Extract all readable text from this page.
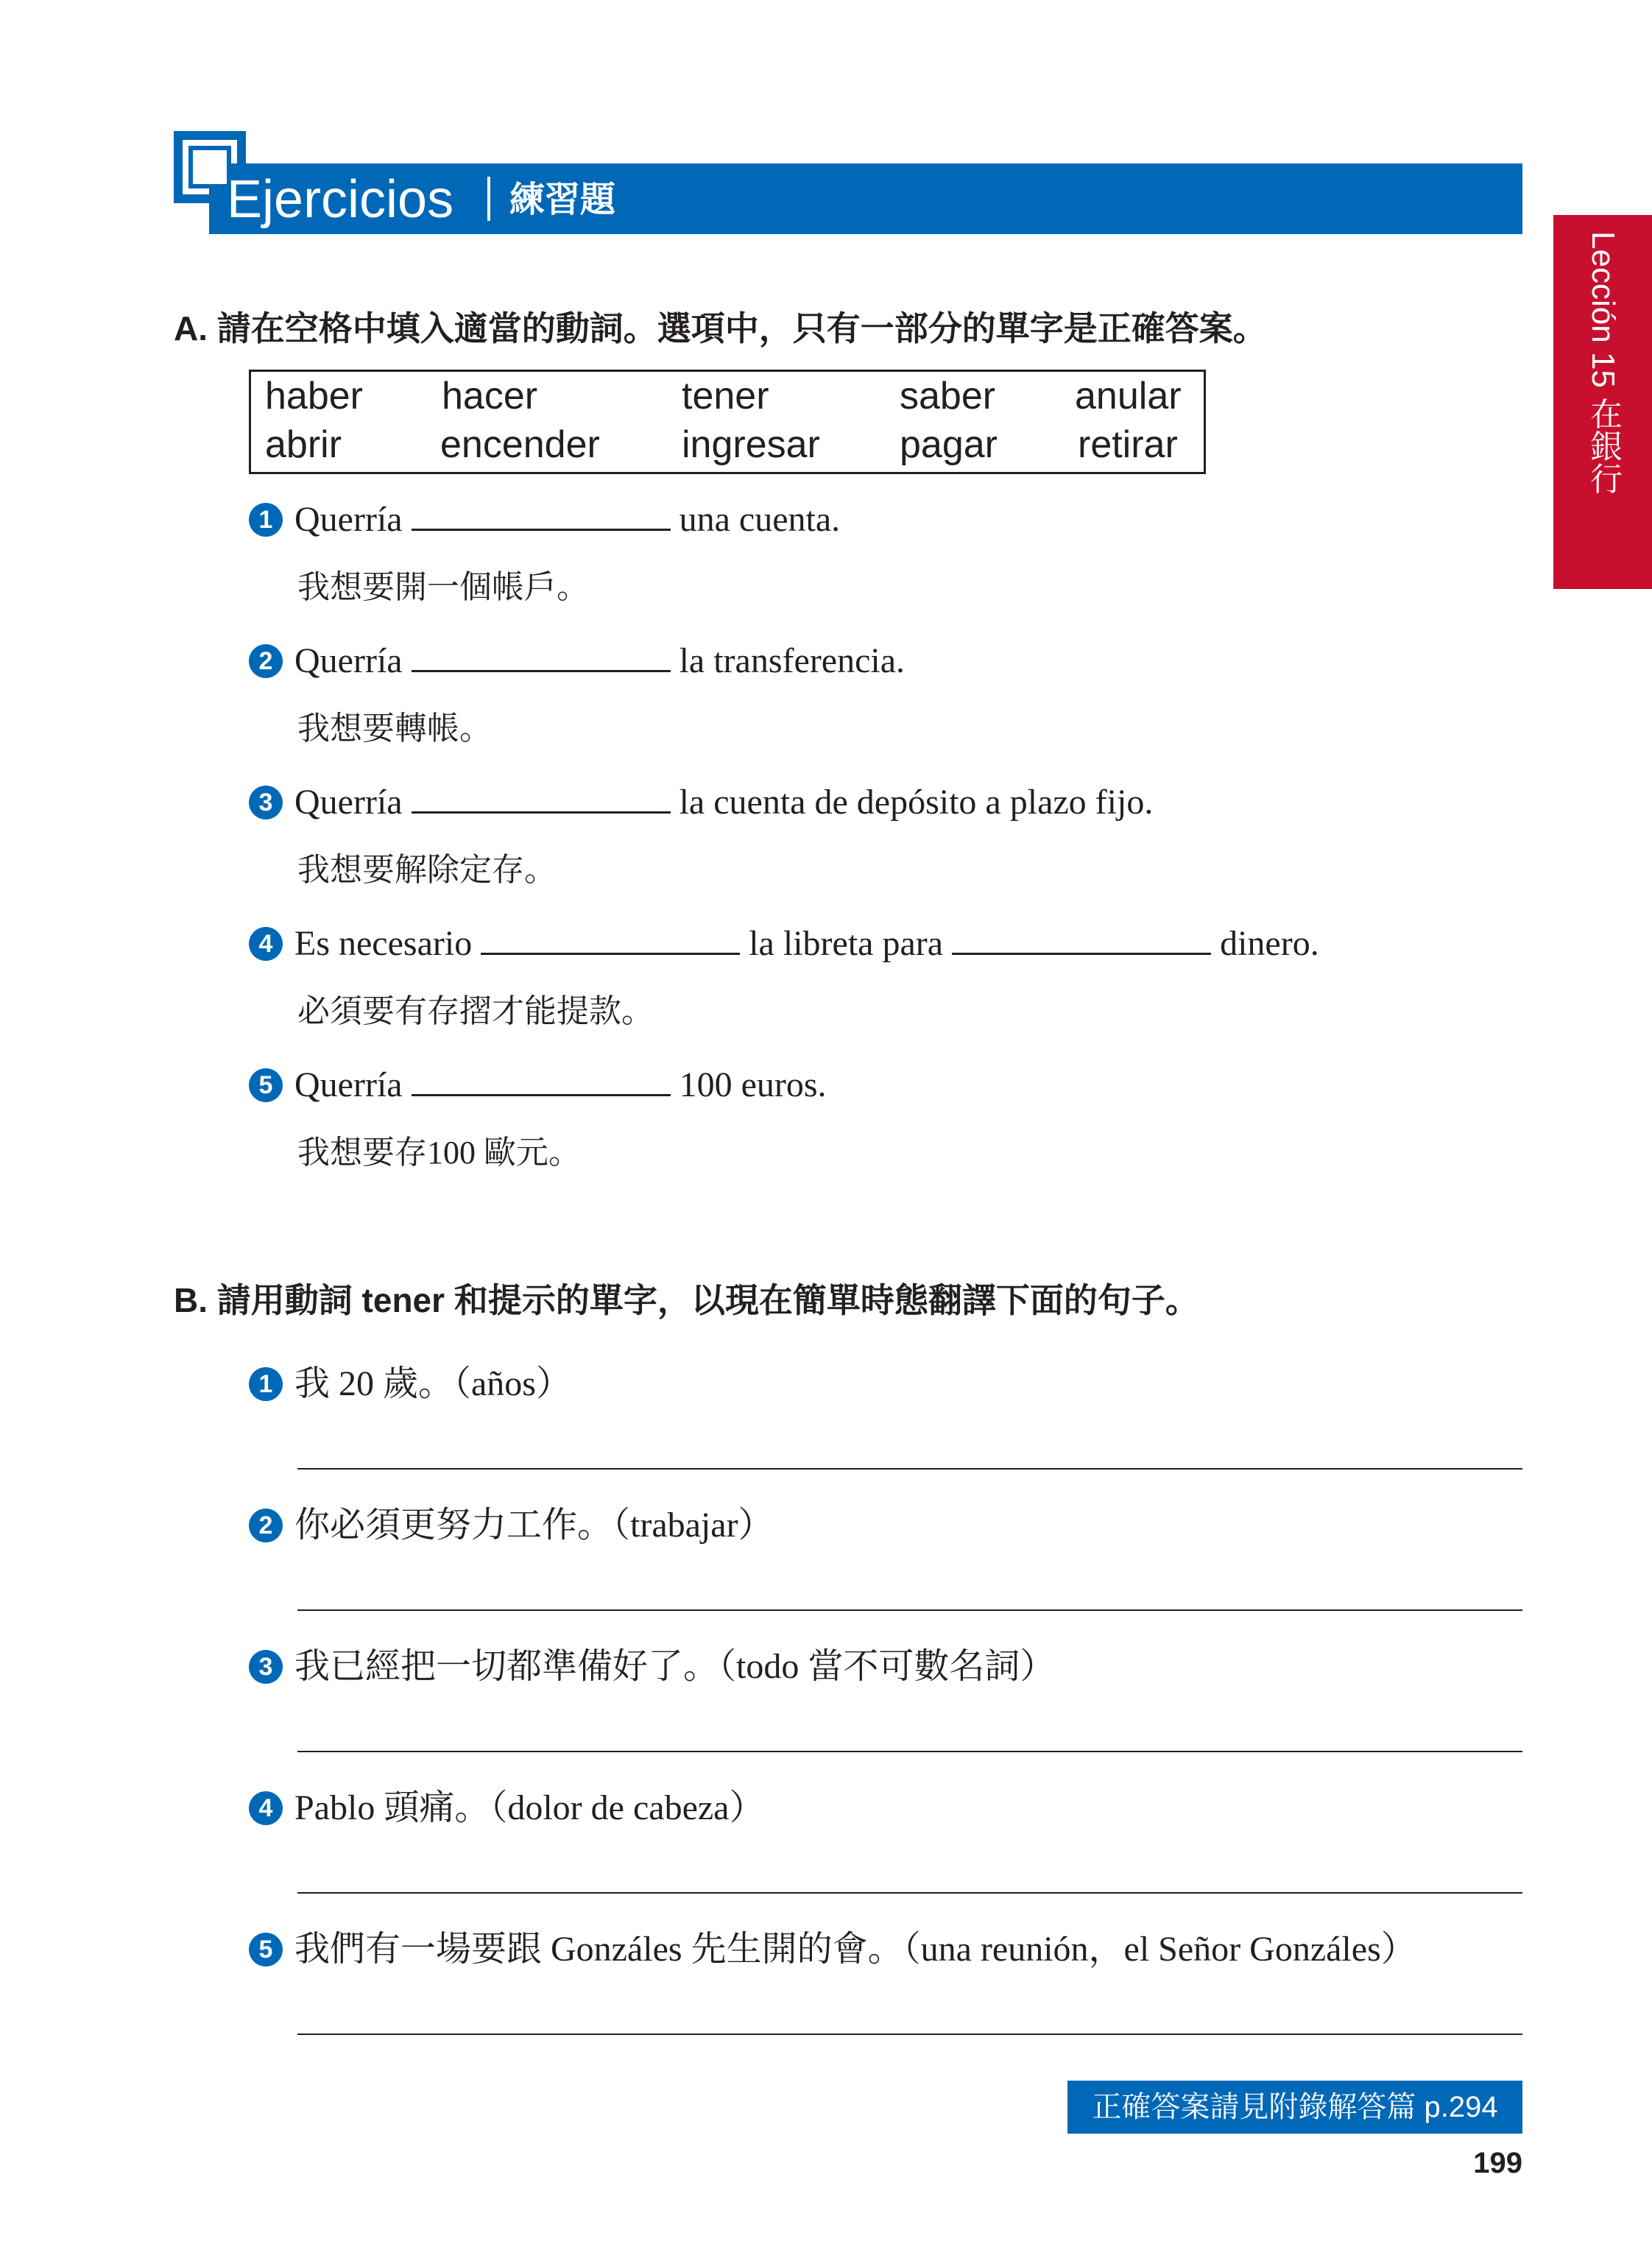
Ejercicios 練習題
Lección 15 在銀行
A. 請在空格中填入適當的動詞。選項中，只有一部分的單字是正確答案。
haber hacer	tener	saber anular
abrir	encender ingresar pagar retirar
1 Querría	una cuenta.
我想要開一個帳戶。
2 Querría	la transferencia.
我想要轉帳。
3 Querría	la cuenta de depósito a plazo fijo.
我想要解除定存。
4 Es necesario	la libreta para	dinero.
必須要有存摺才能提款。
5 Querría	100 euros.
我想要存100 歐元。
B. 請用動詞 tener 和提示的單字，以現在簡單時態翻譯下面的句子。
1 我 20 歲。（años）
2 你必須更努力工作。（trabajar）
3 我已經把一切都準備好了。（todo 當不可數名詞）
4 Pablo 頭痛。（dolor de cabeza）
5 我們有一場要跟 Gonzáles 先生開的會。（una reunión，el Señor Gonzáles）
正確答案請見附錄解答篇 p.294
199
